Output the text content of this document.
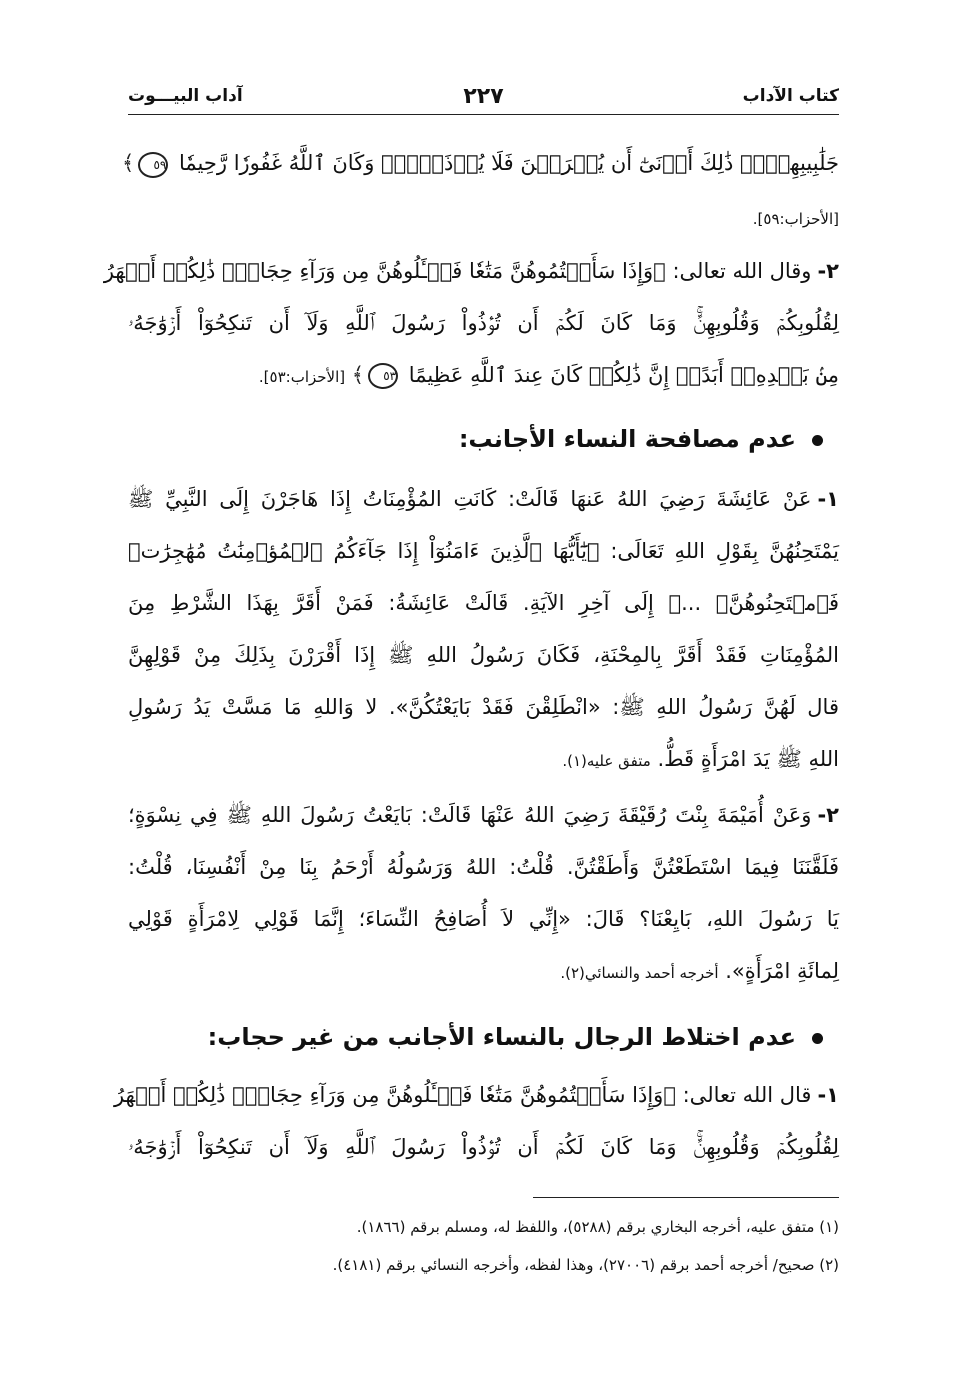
كتاب الآداب
٢٢٧
آداب البيـــوت
جَلَٰبِيبِهِنَّۚ ذَٰلِكَ أَدۡنَىٰٓ أَن يُعۡرَفۡنَ فَلَا يُؤۡذَيۡنَۗ وَكَانَ ٱللَّهُ غَفُورٗا رَّحِيمٗا ٥٩﴾
[الأحزاب:٥٩].
٢-وقال الله تعالى: ﴿وَإِذَا سَأَلۡتُمُوهُنَّ مَتَٰعٗا فَسۡـَٔلُوهُنَّ مِن وَرَآءِ حِجَابٖۚ ذَٰلِكُمۡ أَطۡهَرُ
لِقُلُوبِكُمۡ وَقُلُوبِهِنَّۚ وَمَا كَانَ لَكُمۡ أَن تُؤۡذُواْ رَسُولَ ٱللَّهِ وَلَآ أَن تَنكِحُوٓاْ أَزۡوَٰجَهُۥ
مِنۢ بَعۡدِهِۦٓ أَبَدًاۚ إِنَّ ذَٰلِكُمۡ كَانَ عِندَ ٱللَّهِ عَظِيمًا ٥٣﴾ [الأحزاب:٥٣].
عدم مصافحة النساء الأجانب:
١-عَنْ عَائِشَةَ رَضِيَ اللهُ عَنهَا قَالَتْ: كَانَتِ المُؤْمِنَاتُ إِذَا هَاجَرْنَ إِلَى النَّبِيِّ ﷺ
يَمْتَحِنُهُنَّ بِقَوْلِ اللهِ تَعَالَى: ﴿يَٰٓأَيُّهَا ٱلَّذِينَ ءَامَنُوٓاْ إِذَا جَآءَكُمُ ٱلۡمُؤۡمِنَٰتُ مُهَٰجِرَٰتٖ
فَٱمۡتَحِنُوهُنَّۖ ...﴾ إِلَى آخِرِ الآيَةِ. قَالَتْ عَائِشَةُ: فَمَنْ أَقَرَّ بِهَذَا الشَّرْطِ مِنَ
المُؤْمِنَاتِ فَقَدْ أَقَرَّ بِالمِحْنَةِ، فَكَانَ رَسُولُ اللهِ ﷺ إِذَا أَقْرَرْنَ بِذَلِكَ مِنْ قَوْلِهِنَّ
قال لَهُنَّ رَسُولُ اللهِ ﷺ: «انْطَلِقْنَ فَقَدْ بَايَعْتُكُنَّ». لا وَاللهِ مَا مَسَّتْ يَدُ رَسُولِ
اللهِ ﷺ يَدَ امْرَأَةٍ قَطُّ. متفق عليه(١).
٢-وَعَنْ أُمَيْمَةَ بِنْتَ رُقَيْقَةَ رَضِيَ اللهُ عَنْهَا قَالَتْ: بَايَعْتُ رَسُولَ اللهِ ﷺ فِي نِسْوَةٍ؛
فَلَقَّنَنَا فِيمَا اسْتَطَعْتُنَّ وَأَطَقْتُنَّ. قُلْتُ: اللهُ وَرَسُولُهُ أَرْحَمُ بِنَا مِنْ أَنْفُسِنَا، قُلْتُ:
يَا رَسُولَ اللهِ، بَايِعْنَا؟ قَالَ: «إِنِّي لاَ أُصَافِحُ النِّسَاءَ؛ إِنَّمَا قَوْلِي لِامْرَأَةٍ قَوْلِي
لِمائَةِ امْرَأَةٍ». أخرجه أحمد والنسائي(٢).
عدم اختلاط الرجال بالنساء الأجانب من غير حجاب:
١-قال الله تعالى: ﴿وَإِذَا سَأَلۡتُمُوهُنَّ مَتَٰعٗا فَسۡـَٔلُوهُنَّ مِن وَرَآءِ حِجَابٖۚ ذَٰلِكُمۡ أَطۡهَرُ
لِقُلُوبِكُمۡ وَقُلُوبِهِنَّۚ وَمَا كَانَ لَكُمۡ أَن تُؤۡذُواْ رَسُولَ ٱللَّهِ وَلَآ أَن تَنكِحُوٓاْ أَزۡوَٰجَهُۥ
(١) متفق عليه، أخرجه البخاري برقم (٥٢٨٨)، واللفظ له، ومسلم برقم (١٨٦٦).
(٢) صحيح/ أخرجه أحمد برقم (٢٧٠٠٦)، وهذا لفظه، وأخرجه النسائي برقم (٤١٨١).
